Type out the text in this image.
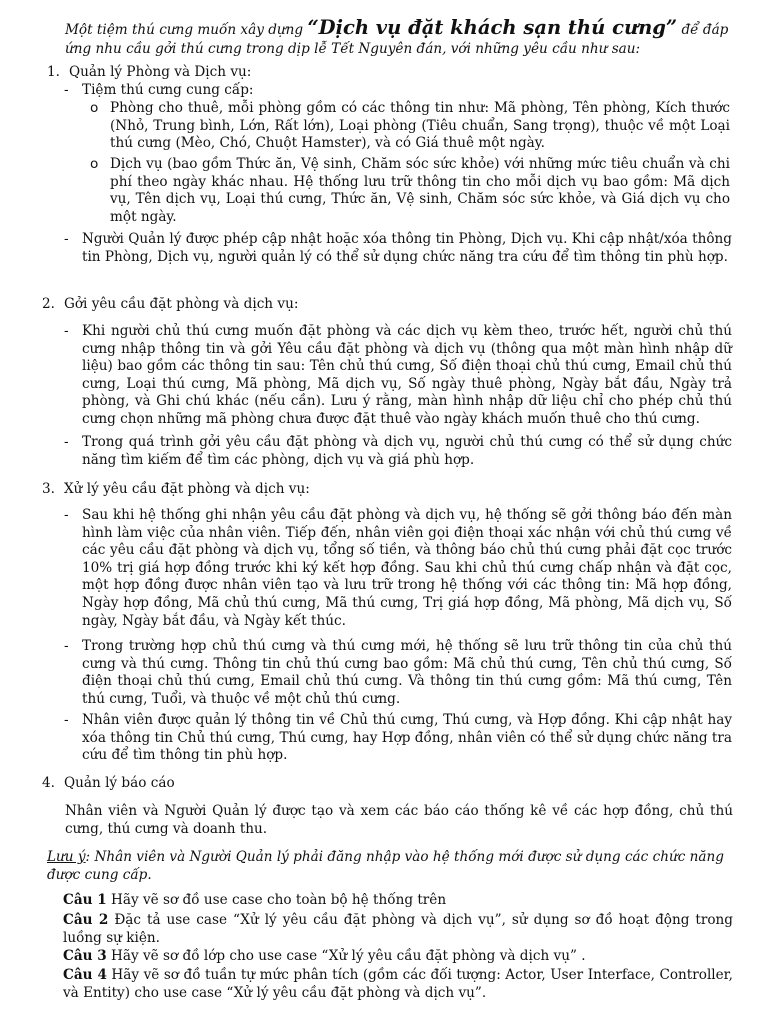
Một tiệm thú cưng muốn xây dựng “Dịch vụ đặt khách sạn thú cưng” để đáp ứng nhu cầu gởi thú cưng trong dịp lễ Tết Nguyên đán, với những yêu cầu như sau:
1. Quản lý Phòng và Dịch vụ:
- Tiệm thú cưng cung cấp:
o Phòng cho thuê, mỗi phòng gồm có các thông tin như: Mã phòng, Tên phòng, Kích thước (Nhỏ, Trung bình, Lớn, Rất lớn), Loại phòng (Tiêu chuẩn, Sang trọng), thuộc về một Loại thú cưng (Mèo, Chó, Chuột Hamster), và có Giá thuê một ngày.
o Dịch vụ (bao gồm Thức ăn, Vệ sinh, Chăm sóc sức khỏe) với những mức tiêu chuẩn và chi phí theo ngày khác nhau. Hệ thống lưu trữ thông tin cho mỗi dịch vụ bao gồm: Mã dịch vụ, Tên dịch vụ, Loại thú cưng, Thức ăn, Vệ sinh, Chăm sóc sức khỏe, và Giá dịch vụ cho một ngày.
- Người Quản lý được phép cập nhật hoặc xóa thông tin Phòng, Dịch vụ. Khi cập nhật/xóa thông tin Phòng, Dịch vụ, người quản lý có thể sử dụng chức năng tra cứu để tìm thông tin phù hợp.
2. Gởi yêu cầu đặt phòng và dịch vụ:
- Khi người chủ thú cưng muốn đặt phòng và các dịch vụ kèm theo, trước hết, người chủ thú cưng nhập thông tin và gởi Yêu cầu đặt phòng và dịch vụ (thông qua một màn hình nhập dữ liệu) bao gồm các thông tin sau: Tên chủ thú cưng, Số điện thoại chủ thú cưng, Email chủ thú cưng, Loại thú cưng, Mã phòng, Mã dịch vụ, Số ngày thuê phòng, Ngày bắt đầu, Ngày trả phòng, và Ghi chú khác (nếu cần). Lưu ý rằng, màn hình nhập dữ liệu chỉ cho phép chủ thú cưng chọn những mã phòng chưa được đặt thuê vào ngày khách muốn thuê cho thú cưng.
- Trong quá trình gởi yêu cầu đặt phòng và dịch vụ, người chủ thú cưng có thể sử dụng chức năng tìm kiếm để tìm các phòng, dịch vụ và giá phù hợp.
3. Xử lý yêu cầu đặt phòng và dịch vụ:
- Sau khi hệ thống ghi nhận yêu cầu đặt phòng và dịch vụ, hệ thống sẽ gởi thông báo đến màn hình làm việc của nhân viên. Tiếp đến, nhân viên gọi điện thoại xác nhận với chủ thú cưng về các yêu cầu đặt phòng và dịch vụ, tổng số tiền, và thông báo chủ thú cưng phải đặt cọc trước 10% trị giá hợp đồng trước khi ký kết hợp đồng. Sau khi chủ thú cưng chấp nhận và đặt cọc, một hợp đồng được nhân viên tạo và lưu trữ trong hệ thống với các thông tin: Mã hợp đồng, Ngày hợp đồng, Mã chủ thú cưng, Mã thú cưng, Trị giá hợp đồng, Mã phòng, Mã dịch vụ, Số ngày, Ngày bắt đầu, và Ngày kết thúc.
- Trong trường hợp chủ thú cưng và thú cưng mới, hệ thống sẽ lưu trữ thông tin của chủ thú cưng và thú cưng. Thông tin chủ thú cưng bao gồm: Mã chủ thú cưng, Tên chủ thú cưng, Số điện thoại chủ thú cưng, Email chủ thú cưng. Và thông tin thú cưng gồm: Mã thú cưng, Tên thú cưng, Tuổi, và thuộc về một chủ thú cưng.
- Nhân viên được quản lý thông tin về Chủ thú cưng, Thú cưng, và Hợp đồng. Khi cập nhật hay xóa thông tin Chủ thú cưng, Thú cưng, hay Hợp đồng, nhân viên có thể sử dụng chức năng tra cứu để tìm thông tin phù hợp.
4. Quản lý báo cáo
Nhân viên và Người Quản lý được tạo và xem các báo cáo thống kê về các hợp đồng, chủ thú cưng, thú cưng và doanh thu.
Lưu ý: Nhân viên và Người Quản lý phải đăng nhập vào hệ thống mới được sử dụng các chức năng được cung cấp.
Câu 1 Hãy vẽ sơ đồ use case cho toàn bộ hệ thống trên
Câu 2 Đặc tả use case “Xử lý yêu cầu đặt phòng và dịch vụ”, sử dụng sơ đồ hoạt động trong luồng sự kiện.
Câu 3 Hãy vẽ sơ đồ lớp cho use case “Xử lý yêu cầu đặt phòng và dịch vụ” .
Câu 4 Hãy vẽ sơ đồ tuần tự mức phân tích (gồm các đối tượng: Actor, User Interface, Controller, và Entity) cho use case “Xử lý yêu cầu đặt phòng và dịch vụ”.
